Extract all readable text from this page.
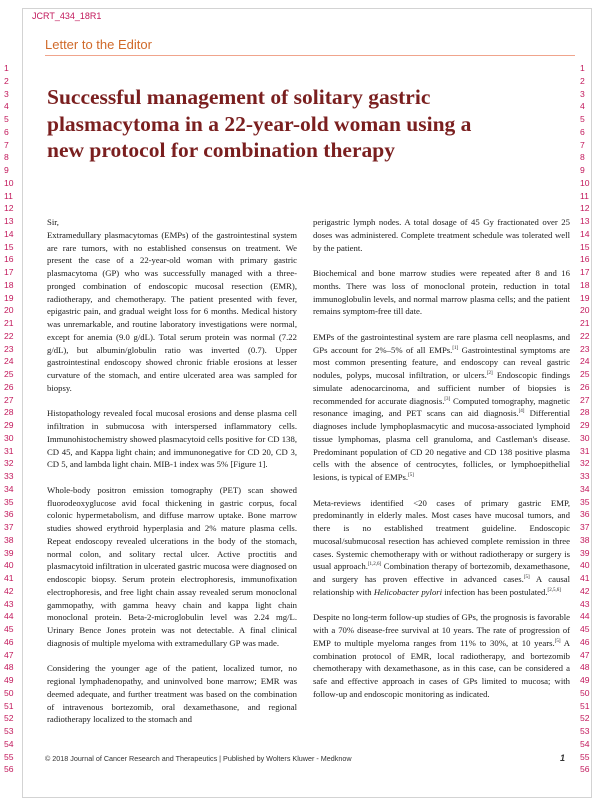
JCRT_434_18R1
Letter to the Editor
1
2
3
4
5
6
7
8
9
10
11
12
13
14
15
16
17
18
19
20
21
22
23
24
25
26
27
28
29
30
31
32
33
34
35
36
37
38
39
40
41
42
43
44
45
46
47
48
49
50
51
52
53
54
55
56
1
2
3
4
5
6
7
8
9
10
11
12
13
14
15
16
17
18
19
20
21
22
23
24
25
26
27
28
29
30
31
32
33
34
35
36
37
38
39
40
41
42
43
44
45
46
47
48
49
50
51
52
53
54
55
56
Successful management of solitary gastric plasmacytoma in a 22-year-old woman using a new protocol for combination therapy

Sir,

Extramedullary plasmacytomas (EMPs) of the gastrointestinal system are rare tumors, with no established consensus on treatment. We present the case of a 22-year-old woman with primary gastric plasmacytoma (GP) who was successfully managed with a three-pronged combination of endoscopic mucosal resection (EMR), radiotherapy, and chemotherapy. The patient presented with fever, epigastric pain, and gradual weight loss for 6 months. Medical history was unremarkable, and routine laboratory investigations were normal, except for anemia (9.0 g/dL). Total serum protein was normal (7.22 g/dL), but albumin/globulin ratio was inverted (0.7). Upper gastrointestinal endoscopy showed chronic friable erosions at lesser curvature of the stomach, and entire ulcerated area was sampled for biopsy.

Histopathology revealed focal mucosal erosions and dense plasma cell infiltration in submucosa with interspersed inflammatory cells. Immunohistochemistry showed plasmacytoid cells positive for CD 138, CD 45, and Kappa light chain; and immunonegative for CD 20, CD 3, CD 5, and lambda light chain. MIB-1 index was 5% [Figure 1].

Whole-body positron emission tomography (PET) scan showed fluorodeoxyglucose avid focal thickening in gastric corpus, focal colonic hypermetabolism, and diffuse marrow uptake. Bone marrow studies showed erythroid hyperplasia and 2% mature plasma cells. Repeat endoscopy revealed ulcerations in the body of the stomach, normal colon, and solitary rectal ulcer. Active proctitis and plasmacytoid infiltration in ulcerated gastric mucosa were diagnosed on endoscopic biopsy. Serum protein electrophoresis, immunofixation electrophoresis, and free light chain assay revealed serum monoclonal gammopathy, with gamma heavy chain and kappa light chain monoclonal protein. Beta-2-microglobulin level was 2.24 mg/L. Urinary Bence Jones protein was not detectable. A final clinical diagnosis of multiple myeloma with extramedullary GP was made.

Considering the younger age of the patient, localized tumor, no regional lymphadenopathy, and uninvolved bone marrow; EMR was deemed adequate, and further treatment was based on the combination of intravenous bortezomib, oral dexamethasone, and regional radiotherapy localized to the stomach and

perigastric lymph nodes. A total dosage of 45 Gy fractionated over 25 doses was administered. Complete treatment schedule was tolerated well by the patient.

Biochemical and bone marrow studies were repeated after 8 and 16 months. There was loss of monoclonal protein, reduction in total immunoglobulin levels, and normal marrow plasma cells; and the patient remains symptom-free till date.

EMPs of the gastrointestinal system are rare plasma cell neoplasms, and GPs account for 2%–5% of all EMPs.[1] Gastrointestinal symptoms are most common presenting feature, and endoscopy can reveal gastric nodules, polyps, mucosal infiltration, or ulcers.[2] Endoscopic findings simulate adenocarcinoma, and sufficient number of biopsies is recommended for accurate diagnosis.[3] Computed tomography, magnetic resonance imaging, and PET scans can aid diagnosis.[4] Differential diagnoses include lymphoplasmacytic and mucosa-associated lymphoid tissue lymphomas, plasma cell granuloma, and Castleman's disease. Predominant population of CD 20 negative and CD 138 positive plasma cells with the absence of centrocytes, follicles, or lymphoepithelial lesions, is typical of EMPs.[5]

Meta-reviews identified <20 cases of primary gastric EMP, predominantly in elderly males. Most cases have mucosal tumors, and there is no established treatment guideline. Endoscopic mucosal/submucosal resection has achieved complete remission in three cases. Systemic chemotherapy with or without radiotherapy or surgery is usual approach.[1,2,6] Combination therapy of bortezomib, dexamethasone, and surgery has proven effective in advanced cases.[5] A causal relationship with Helicobacter pylori infection has been postulated.[2,5,6]

Despite no long-term follow-up studies of GPs, the prognosis is favorable with a 70% disease-free survival at 10 years. The rate of progression of EMP to multiple myeloma ranges from 11% to 30%, at 10 years.[5] A combination protocol of EMR, local radiotherapy, and bortezomib chemotherapy with dexamethasone, as in this case, can be considered a safe and effective approach in cases of GPs limited to mucosa; with follow-up and endoscopic monitoring as indicated.

© 2018 Journal of Cancer Research and Therapeutics | Published by Wolters Kluwer - Medknow	1
